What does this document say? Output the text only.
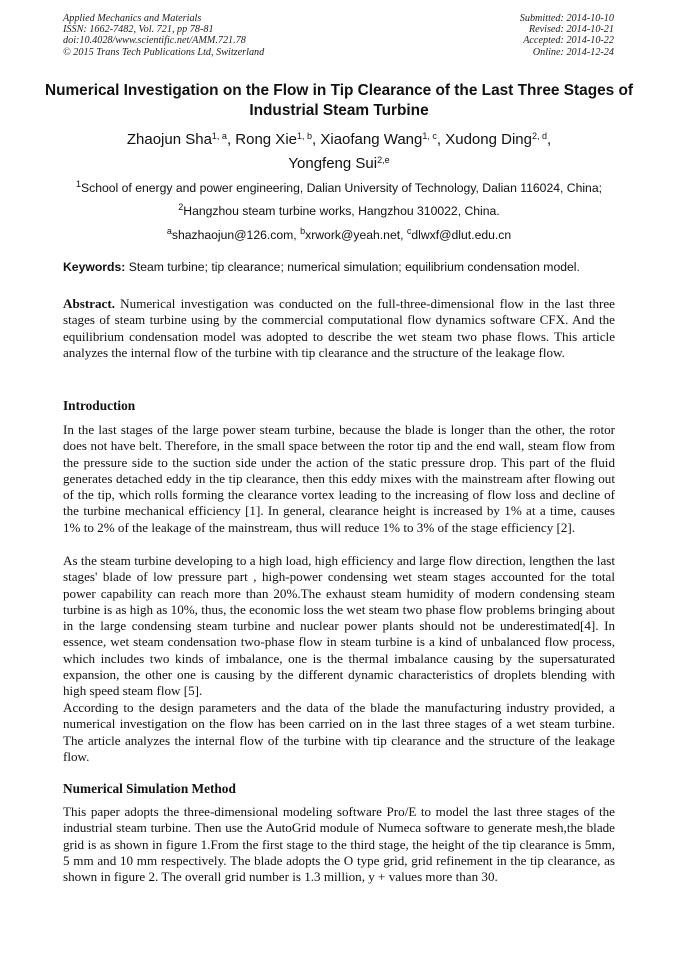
Applied Mechanics and Materials
ISSN: 1662-7482, Vol. 721, pp 78-81
doi:10.4028/www.scientific.net/AMM.721.78
© 2015 Trans Tech Publications Ltd, Switzerland
Submitted: 2014-10-10
Revised: 2014-10-21
Accepted: 2014-10-22
Online: 2014-12-24
Numerical Investigation on the Flow in Tip Clearance of the Last Three Stages of Industrial Steam Turbine
Zhaojun Sha$^{1, a}$, Rong Xie$^{1, b}$, Xiaofang Wang$^{1, c}$, Xudong Ding$^{2, d}$,
Yongfeng Sui$^{2,e}$
$^1$School of energy and power engineering, Dalian University of Technology, Dalian 116024, China;
$^2$Hangzhou steam turbine works, Hangzhou 310022, China.
$^a$shazhaojun@126.com, $^b$xrwork@yeah.net, $^c$dlwxf@dlut.edu.cn
Keywords: Steam turbine; tip clearance; numerical simulation; equilibrium condensation model.

Abstract. Numerical investigation was conducted on the full-three-dimensional flow in the last three stages of steam turbine using by the commercial computational flow dynamics software CFX. And the equilibrium condensation model was adopted to describe the wet steam two phase flows. This article analyzes the internal flow of the turbine with tip clearance and the structure of the leakage flow.

Introduction

In the last stages of the large power steam turbine, because the blade is longer than the other, the rotor does not have belt. Therefore, in the small space between the rotor tip and the end wall, steam flow from the pressure side to the suction side under the action of the static pressure drop. This part of the fluid generates detached eddy in the tip clearance, then this eddy mixes with the mainstream after flowing out of the tip, which rolls forming the clearance vortex leading to the increasing of flow loss and decline of the turbine mechanical efficiency [1]. In general, clearance height is increased by 1% at a time, causes 1% to 2% of the leakage of the mainstream, thus will reduce 1% to 3% of the stage efficiency [2].

As the steam turbine developing to a high load, high efficiency and large flow direction, lengthen the last stages' blade of low pressure part , high-power condensing wet steam stages accounted for the total power capability can reach more than 20%.The exhaust steam humidity of modern condensing steam turbine is as high as 10%, thus, the economic loss the wet steam two phase flow problems bringing about in the large condensing steam turbine and nuclear power plants should not be underestimated[4]. In essence, wet steam condensation two-phase flow in steam turbine is a kind of unbalanced flow process, which includes two kinds of imbalance, one is the thermal imbalance causing by the supersaturated expansion, the other one is causing by the different dynamic characteristics of droplets blending with high speed steam flow [5].

According to the design parameters and the data of the blade the manufacturing industry provided, a numerical investigation on the flow has been carried on in the last three stages of a wet steam turbine. The article analyzes the internal flow of the turbine with tip clearance and the structure of the leakage flow.

Numerical Simulation Method

This paper adopts the three-dimensional modeling software Pro/E to model the last three stages of the industrial steam turbine. Then use the AutoGrid module of Numeca software to generate mesh,the blade grid is as shown in figure 1.From the first stage to the third stage, the height of the tip clearance is 5mm, 5 mm and 10 mm respectively. The blade adopts the O type grid, grid refinement in the tip clearance, as shown in figure 2. The overall grid number is 1.3 million, y + values more than 30.
